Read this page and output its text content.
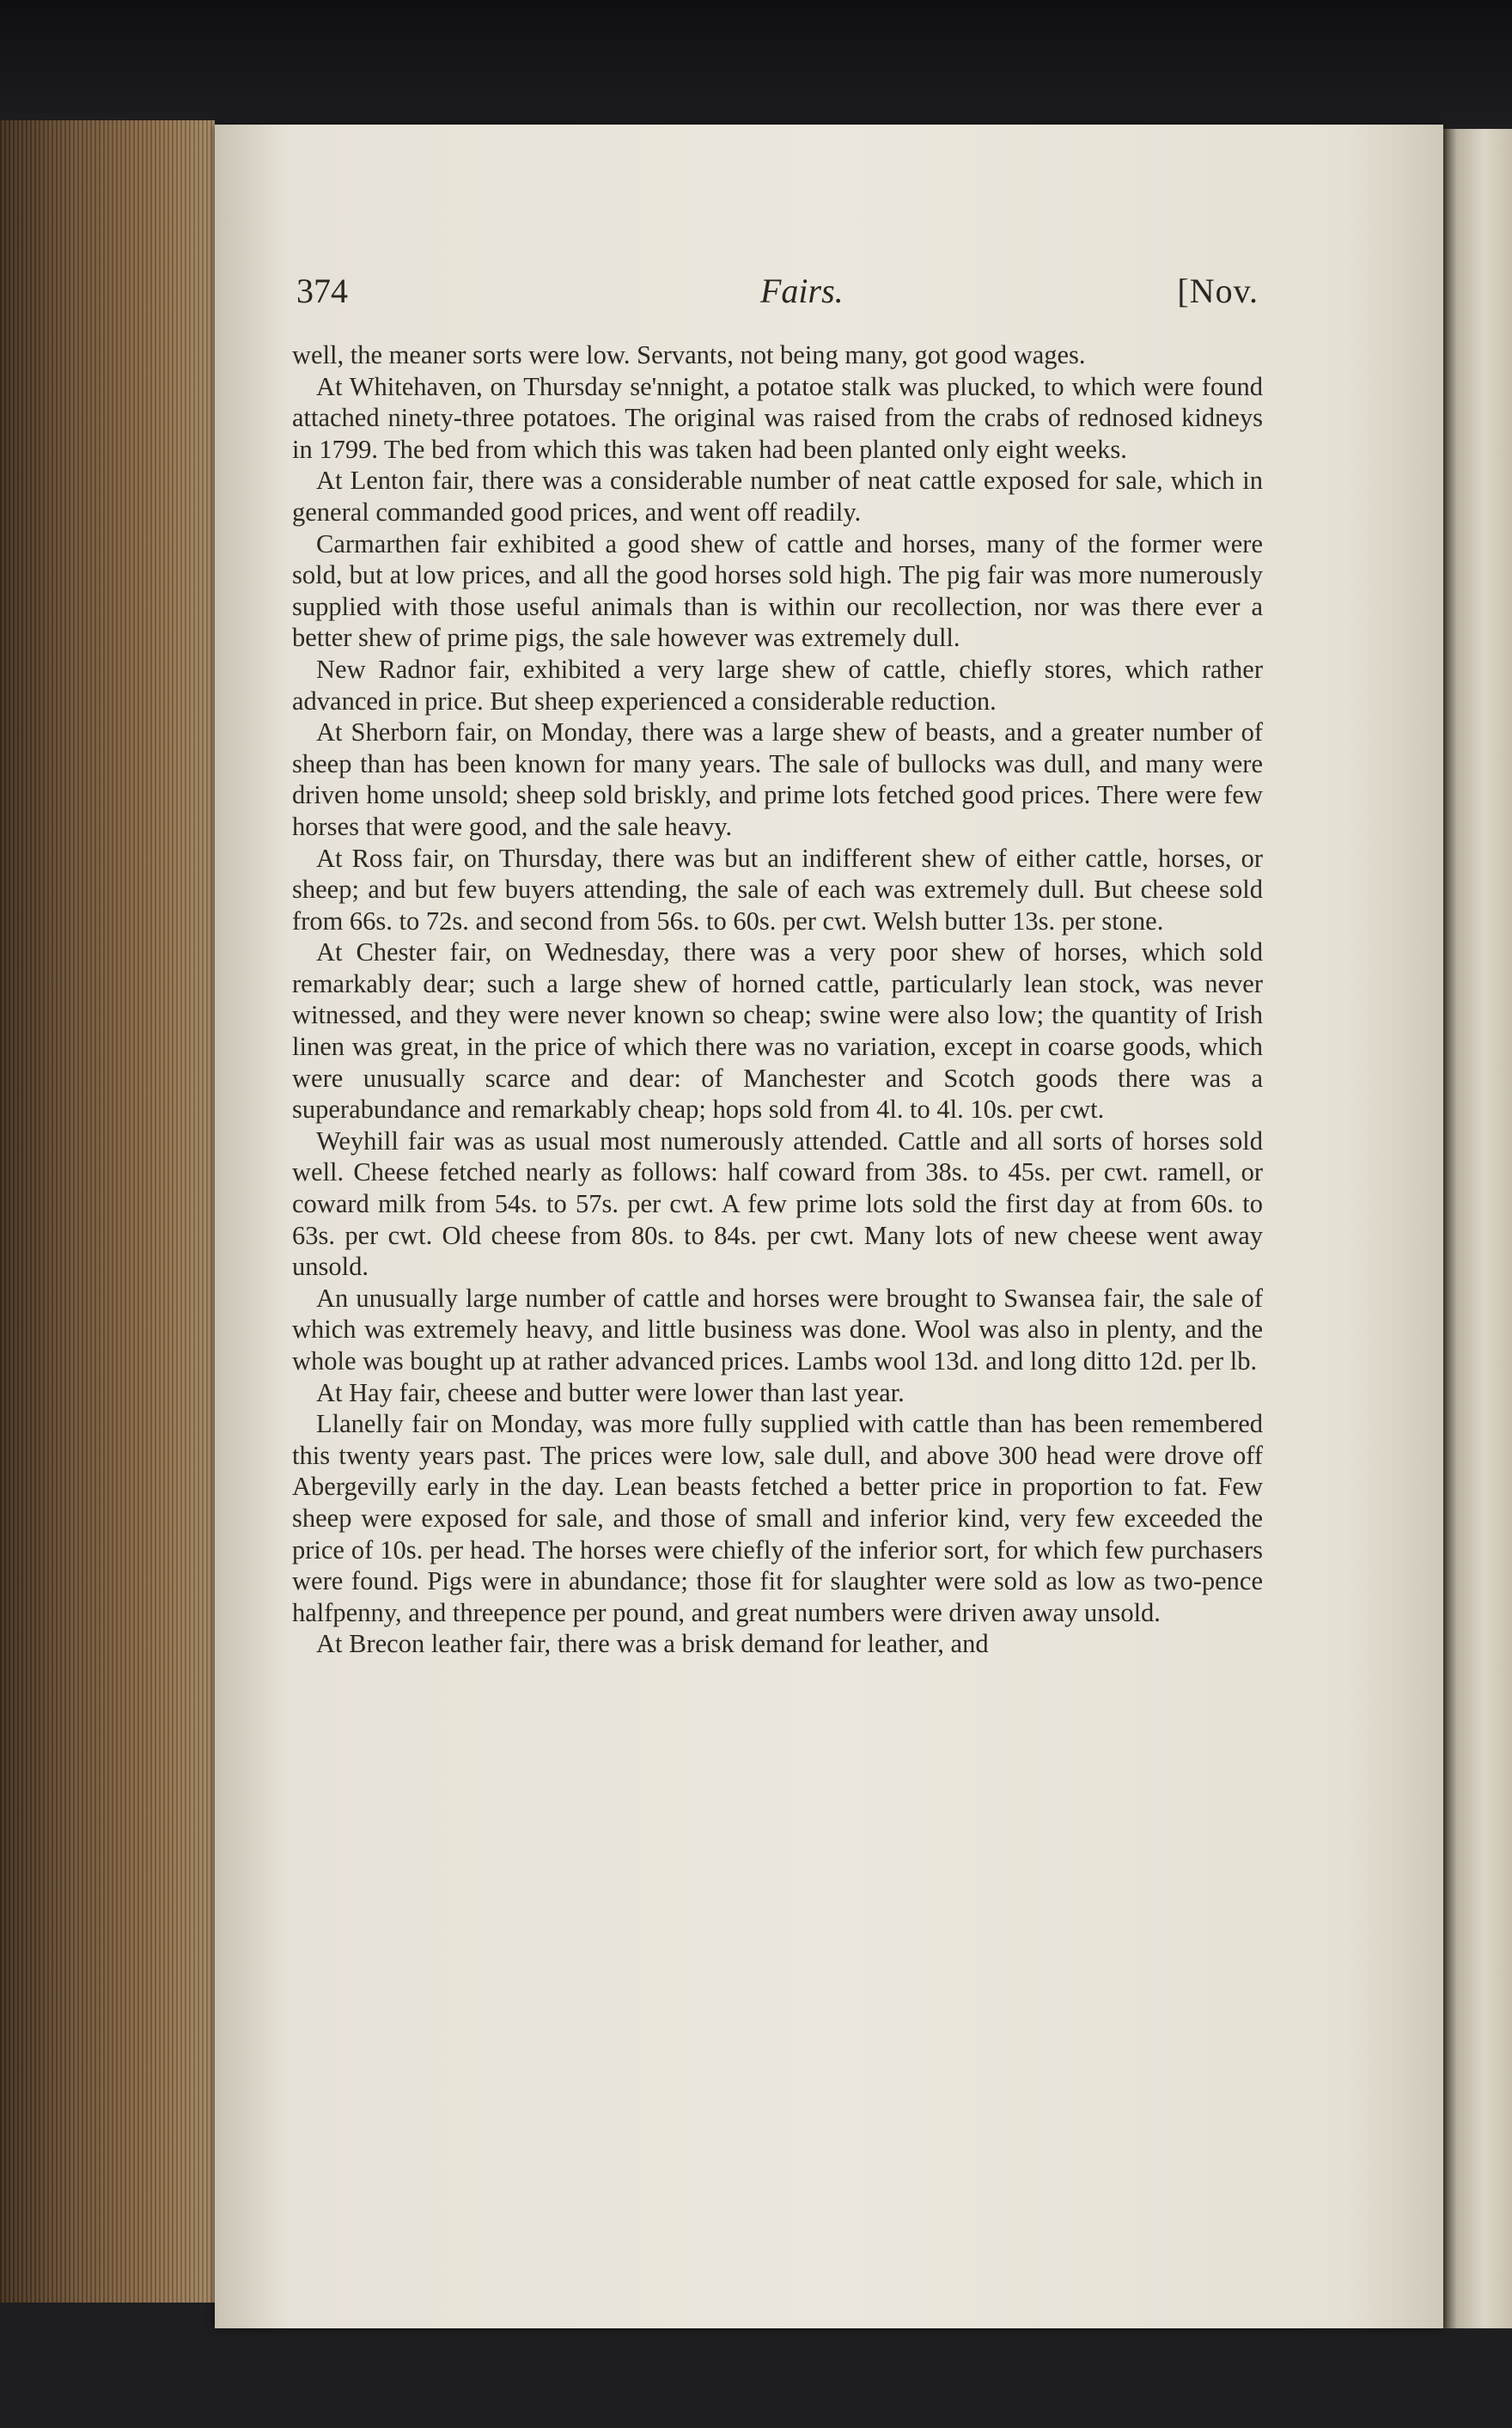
374	Fairs.	[Nov.

well, the meaner sorts were low. Servants, not being many, got good wages.

At Whitehaven, on Thursday se'nnight, a potatoe stalk was plucked, to which were found attached ninety-three potatoes. The original was raised from the crabs of rednosed kidneys in 1799. The bed from which this was taken had been planted only eight weeks.

At Lenton fair, there was a considerable number of neat cattle exposed for sale, which in general commanded good prices, and went off readily.

Carmarthen fair exhibited a good shew of cattle and horses, many of the former were sold, but at low prices, and all the good horses sold high. The pig fair was more numerously supplied with those useful animals than is within our recollection, nor was there ever a better shew of prime pigs, the sale however was extremely dull.

New Radnor fair, exhibited a very large shew of cattle, chiefly stores, which rather advanced in price. But sheep experienced a considerable reduction.

At Sherborn fair, on Monday, there was a large shew of beasts, and a greater number of sheep than has been known for many years. The sale of bullocks was dull, and many were driven home unsold; sheep sold briskly, and prime lots fetched good prices. There were few horses that were good, and the sale heavy.

At Ross fair, on Thursday, there was but an indifferent shew of either cattle, horses, or sheep; and but few buyers attending, the sale of each was extremely dull. But cheese sold from 66s. to 72s. and second from 56s. to 60s. per cwt. Welsh butter 13s. per stone.

At Chester fair, on Wednesday, there was a very poor shew of horses, which sold remarkably dear; such a large shew of horned cattle, particularly lean stock, was never witnessed, and they were never known so cheap; swine were also low; the quantity of Irish linen was great, in the price of which there was no variation, except in coarse goods, which were unusually scarce and dear: of Manchester and Scotch goods there was a superabundance and remarkably cheap; hops sold from 4l. to 4l. 10s. per cwt.

Weyhill fair was as usual most numerously attended. Cattle and all sorts of horses sold well. Cheese fetched nearly as follows: half coward from 38s. to 45s. per cwt. ramell, or coward milk from 54s. to 57s. per cwt. A few prime lots sold the first day at from 60s. to 63s. per cwt. Old cheese from 80s. to 84s. per cwt. Many lots of new cheese went away unsold.

An unusually large number of cattle and horses were brought to Swansea fair, the sale of which was extremely heavy, and little business was done. Wool was also in plenty, and the whole was bought up at rather advanced prices. Lambs wool 13d. and long ditto 12d. per lb.

At Hay fair, cheese and butter were lower than last year.

Llanelly fair on Monday, was more fully supplied with cattle than has been remembered this twenty years past. The prices were low, sale dull, and above 300 head were drove off Abergevilly early in the day. Lean beasts fetched a better price in proportion to fat. Few sheep were exposed for sale, and those of small and inferior kind, very few exceeded the price of 10s. per head. The horses were chiefly of the inferior sort, for which few purchasers were found. Pigs were in abundance; those fit for slaughter were sold as low as two-pence halfpenny, and threepence per pound, and great numbers were driven away unsold.

At Brecon leather fair, there was a brisk demand for leather, and
